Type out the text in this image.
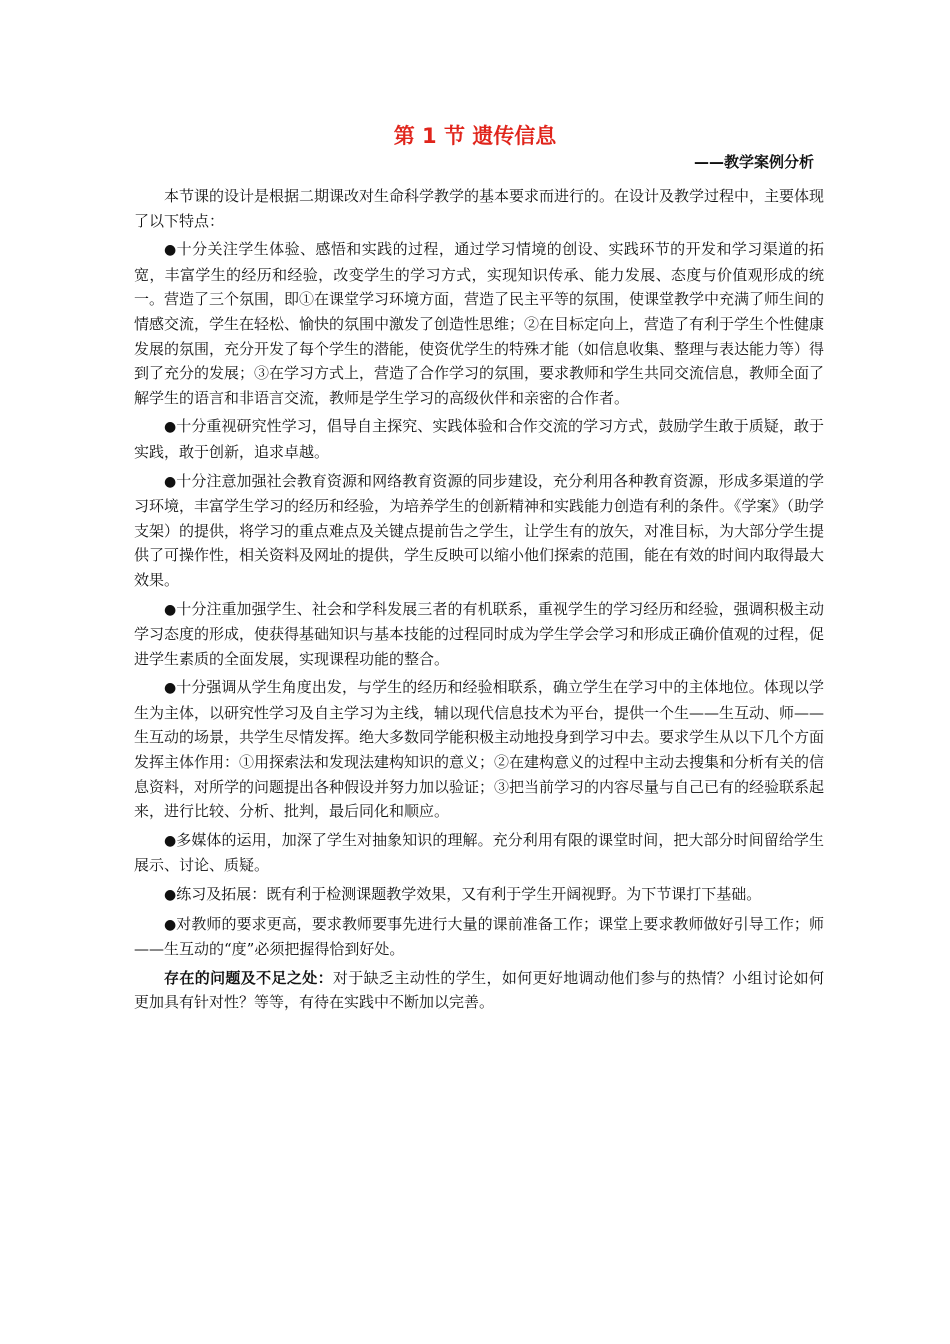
第 1 节 遗传信息

——教学案例分析

本节课的设计是根据二期课改对生命科学教学的基本要求而进行的。在设计及教学过程中，主要体现了以下特点：

●十分关注学生体验、感悟和实践的过程，通过学习情境的创设、实践环节的开发和学习渠道的拓宽，丰富学生的经历和经验，改变学生的学习方式，实现知识传承、能力发展、态度与价值观形成的统一。营造了三个氛围，即①在课堂学习环境方面，营造了民主平等的氛围，使课堂教学中充满了师生间的情感交流，学生在轻松、愉快的氛围中激发了创造性思维；②在目标定向上，营造了有利于学生个性健康发展的氛围，充分开发了每个学生的潜能，使资优学生的特殊才能（如信息收集、整理与表达能力等）得到了充分的发展；③在学习方式上，营造了合作学习的氛围，要求教师和学生共同交流信息，教师全面了解学生的语言和非语言交流，教师是学生学习的高级伙伴和亲密的合作者。

●十分重视研究性学习，倡导自主探究、实践体验和合作交流的学习方式，鼓励学生敢于质疑，敢于实践，敢于创新，追求卓越。

●十分注意加强社会教育资源和网络教育资源的同步建设，充分利用各种教育资源，形成多渠道的学习环境，丰富学生学习的经历和经验，为培养学生的创新精神和实践能力创造有利的条件。《学案》（助学支架）的提供，将学习的重点难点及关键点提前告之学生，让学生有的放矢，对准目标，为大部分学生提供了可操作性，相关资料及网址的提供，学生反映可以缩小他们探索的范围，能在有效的时间内取得最大效果。

●十分注重加强学生、社会和学科发展三者的有机联系，重视学生的学习经历和经验，强调积极主动学习态度的形成，使获得基础知识与基本技能的过程同时成为学生学会学习和形成正确价值观的过程，促进学生素质的全面发展，实现课程功能的整合。

●十分强调从学生角度出发，与学生的经历和经验相联系，确立学生在学习中的主体地位。体现以学生为主体，以研究性学习及自主学习为主线，辅以现代信息技术为平台，提供一个生——生互动、师——生互动的场景，共学生尽情发挥。绝大多数同学能积极主动地投身到学习中去。要求学生从以下几个方面发挥主体作用：①用探索法和发现法建构知识的意义；②在建构意义的过程中主动去搜集和分析有关的信息资料，对所学的问题提出各种假设并努力加以验证；③把当前学习的内容尽量与自己已有的经验联系起来，进行比较、分析、批判，最后同化和顺应。

●多媒体的运用，加深了学生对抽象知识的理解。充分利用有限的课堂时间，把大部分时间留给学生展示、讨论、质疑。

●练习及拓展：既有利于检测课题教学效果，又有利于学生开阔视野。为下节课打下基础。

●对教师的要求更高，要求教师要事先进行大量的课前准备工作；课堂上要求教师做好引导工作；师——生互动的“度”必须把握得恰到好处。

存在的问题及不足之处：对于缺乏主动性的学生，如何更好地调动他们参与的热情？小组讨论如何更加具有针对性？等等，有待在实践中不断加以完善。
